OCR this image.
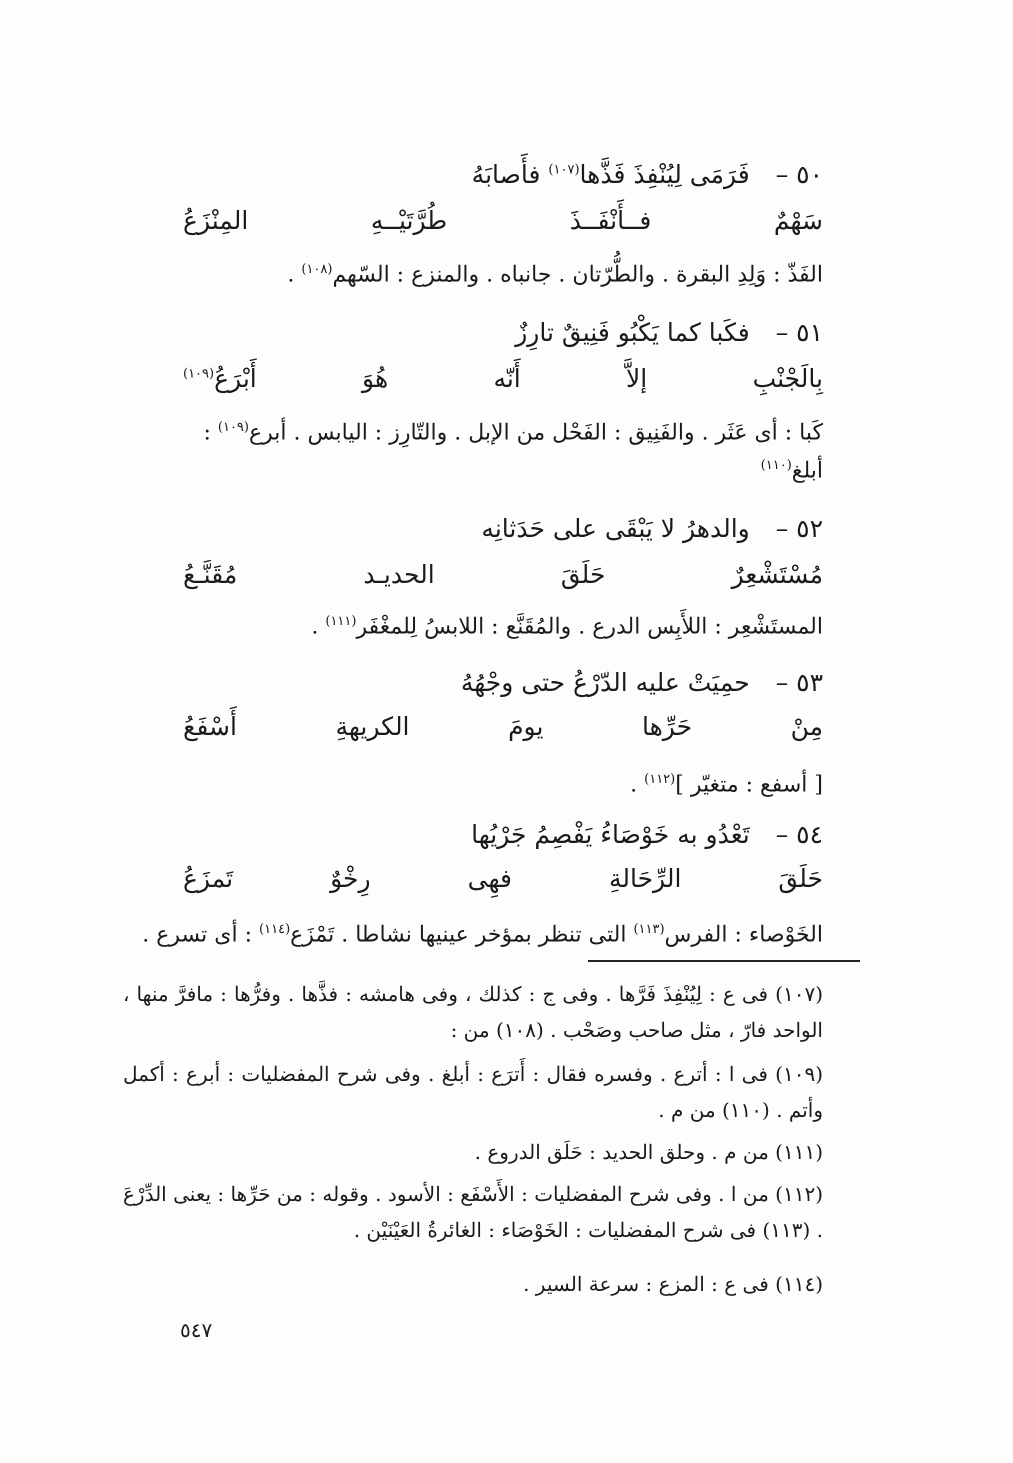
٥٠ – فَرَمَى لِيُنْفِذَ فَذَّها$^{(١٠٧)}$ فأَصابَهُ
سَهْمٌ
فــأَنْفَــذَ
طُرَّتَيْــهِ
المِنْزَعُ
الفَذّ : وَلِدِ البقرة . والطُّرّتان . جانباه . والمنزع : السّهم$^{(١٠٨)}$ .
٥١ – فكَبا كما يَكْبُو فَنِيقٌ تارِزٌ
بِالَجْنْبِ
إلاَّ
أَنّه
هُوَ
أَبْرَعُ$^{(١٠٩)}$
كَبا : أى عَثَر . والفَنِيق : الفَحْل من الإبل . والتّارِز : اليابس . أبرع$^{(١٠٩)}$ :
أبلغ$^{(١١٠)}$
٥٢ – والدهرُ لا يَبْقَى على حَدَثانِه
مُسْتَشْعِرٌ
حَلَقَ
الحديـد
مُقَنَّـعُ
المستَشْعِر : اللأَبِس الدرع . والمُقَنَّع : اللابسُ لِلمغْفَر$^{(١١١)}$ .
٥٣ – حمِيَتْ عليه الدّرْعُ حتى وجْهُهُ
مِنْ
حَرِّها
يومَ
الكريهةِ
أَسْفَعُ
[ أسفع : متغيّر ]$^{(١١٢)}$ .
٥٤ – تَعْدُو به خَوْصَاءُ يَفْصِمُ جَرْيُها
حَلَقَ
الرِّحَالةِ
فهِى
رِخْوٌ
تَمزَعُ
الخَوْصاء : الفرس$^{(١١٣)}$ التى تنظر بمؤخر عينيها نشاطا . تَمْزَع$^{(١١٤)}$ : أى تسرع .
(١٠٧) فى ع : لِيُنْفِذَ فَرَّها . وفى ج : كذلك ، وفى هامشه : فذَّها . وفرُّها : مافرَّ منها ، الواحد فارّ ، مثل صاحب وصَحْب . (١٠٨) من :
(١٠٩) فى ا : أترع . وفسره فقال : أَترَع : أبلغ . وفى شرح المفضليات : أبرع : أكمل وأتم . (١١٠) من م .
(١١١) من م . وحلق الحديد : حَلَق الدروع .
(١١٢) من ا . وفى شرح المفضليات : الأَسْفَع : الأسود . وقوله : من حَرِّها : يعنى الدِّرْعَ . (١١٣) فى شرح المفضليات : الخَوْصَاء : الغائرةُ العَيْنَيْن .
(١١٤) فى ع : المزع : سرعة السير .
٥٤٧
